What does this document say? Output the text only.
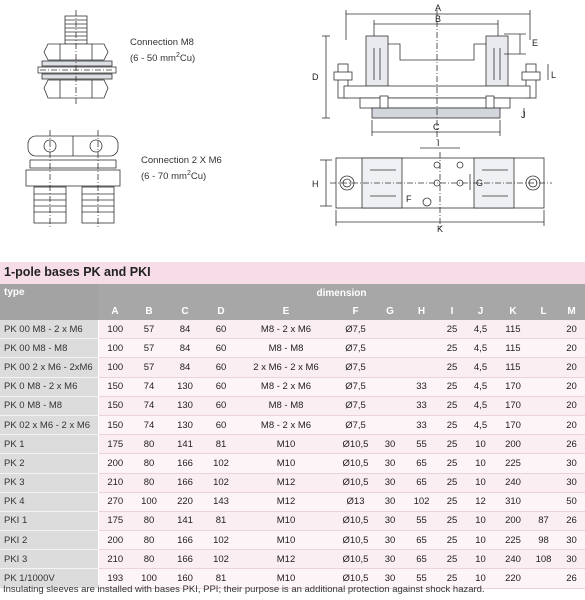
A
B
C
D
E
F
G
H
I
J
K
L
Connection M8
(6 - 50 $mm^2Cu$)
Connection 2 X M6
(6 - 70 $mm^2Cu$)
1-pole bases PK and PKI
type	dimension												
	A	B	C	D	E	F	G	H	I	J	K	L	M
PK 00 M8 - 2 x M6	100	57	84	60	M8 - 2 x M6	Ø7,5			25	4,5	115		20
PK 00 M8 - M8	100	57	84	60	M8 - M8	Ø7,5			25	4,5	115		20
PK 00 2 x M6 - 2xM6	100	57	84	60	2 x M6 - 2 x M6	Ø7,5			25	4,5	115		20
PK 0 M8 - 2 x M6	150	74	130	60	M8 - 2 x M6	Ø7,5		33	25	4,5	170		20
PK 0 M8 - M8	150	74	130	60	M8 - M8	Ø7,5		33	25	4,5	170		20
PK 02 x M6 - 2 x M6	150	74	130	60	M8 - 2 x M6	Ø7,5		33	25	4,5	170		20
PK 1	175	80	141	81	M10	Ø10,5	30	55	25	10	200		26
PK 2	200	80	166	102	M10	Ø10,5	30	65	25	10	225		30
PK 3	210	80	166	102	M12	Ø10,5	30	65	25	10	240		30
PK 4	270	100	220	143	M12	Ø13	30	102	25	12	310		50
PKI 1	175	80	141	81	M10	Ø10,5	30	55	25	10	200	87	26
PKI 2	200	80	166	102	M10	Ø10,5	30	65	25	10	225	98	30
PKI 3	210	80	166	102	M12	Ø10,5	30	65	25	10	240	108	30
PK 1/1000V	193	100	160	81	M10	Ø10,5	30	55	25	10	220		26
Insulating sleeves are installed with bases PKI, PPI; their purpose is an additional protection against shock hazard.
